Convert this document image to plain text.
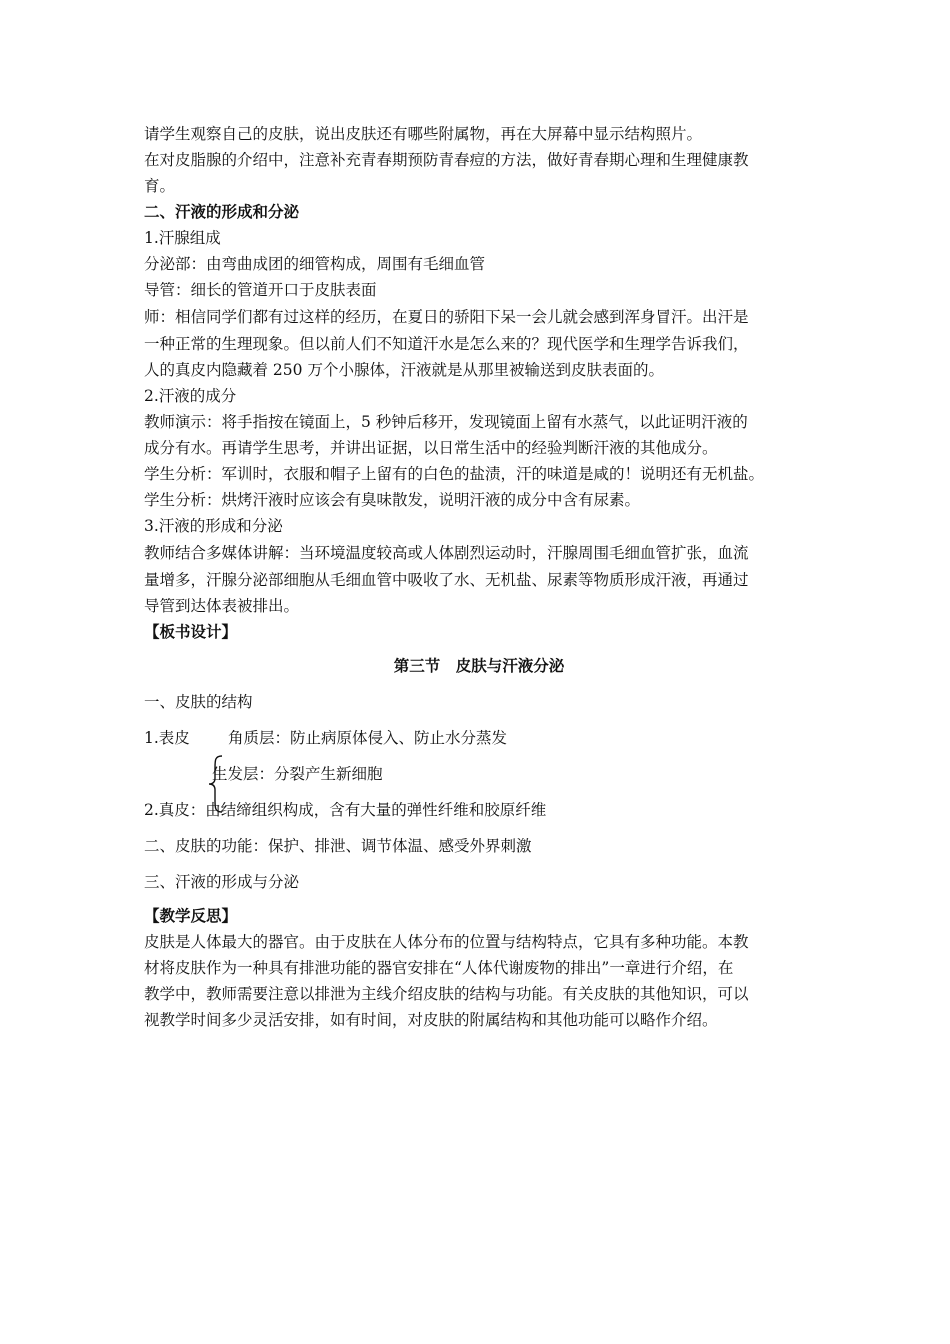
请学生观察自己的皮肤，说出皮肤还有哪些附属物，再在大屏幕中显示结构照片。
在对皮脂腺的介绍中，注意补充青春期预防青春痘的方法，做好青春期心理和生理健康教
育。
二、汗液的形成和分泌
1.汗腺组成
分泌部：由弯曲成团的细管构成，周围有毛细血管
导管：细长的管道开口于皮肤表面
师：相信同学们都有过这样的经历，在夏日的骄阳下呆一会儿就会感到浑身冒汗。出汗是
一种正常的生理现象。但以前人们不知道汗水是怎么来的？现代医学和生理学告诉我们，
人的真皮内隐藏着 250 万个小腺体，汗液就是从那里被输送到皮肤表面的。
2.汗液的成分
教师演示：将手指按在镜面上，5 秒钟后移开，发现镜面上留有水蒸气，以此证明汗液的
成分有水。再请学生思考，并讲出证据，以日常生活中的经验判断汗液的其他成分。
学生分析：军训时，衣服和帽子上留有的白色的盐渍，汗的味道是咸的！说明还有无机盐。
学生分析：烘烤汗液时应该会有臭味散发，说明汗液的成分中含有尿素。
3.汗液的形成和分泌
教师结合多媒体讲解：当环境温度较高或人体剧烈运动时，汗腺周围毛细血管扩张，血流
量增多，汗腺分泌部细胞从毛细血管中吸收了水、无机盐、尿素等物质形成汗液，再通过
导管到达体表被排出。
【板书设计】
第三节　皮肤与汗液分泌
一、皮肤的结构
1.表皮	角质层：防止病原体侵入、防止水分蒸发
生发层：分裂产生新细胞
2.真皮：由结缔组织构成，含有大量的弹性纤维和胶原纤维
二、皮肤的功能：保护、排泄、调节体温、感受外界刺激
三、汗液的形成与分泌
【教学反思】
皮肤是人体最大的器官。由于皮肤在人体分布的位置与结构特点，它具有多种功能。本教
材将皮肤作为一种具有排泄功能的器官安排在“人体代谢废物的排出”一章进行介绍，在
教学中，教师需要注意以排泄为主线介绍皮肤的结构与功能。有关皮肤的其他知识，可以
视教学时间多少灵活安排，如有时间，对皮肤的附属结构和其他功能可以略作介绍。
